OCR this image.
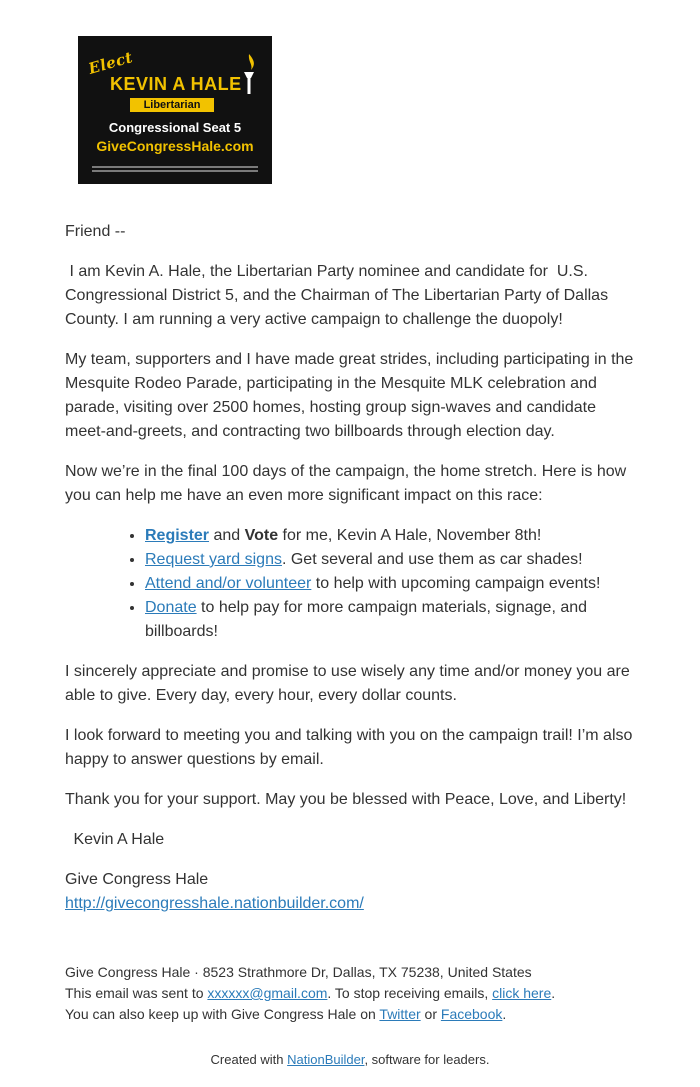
Elect
KEVIN A HALE
Libertarian
Congressional Seat 5
GiveCongressHale.com
Friend --

I am Kevin A. Hale, the Libertarian Party nominee and candidate for  U.S. Congressional District 5, and the Chairman of The Libertarian Party of Dallas County. I am running a very active campaign to challenge the duopoly!

My team, supporters and I have made great strides, including participating in the Mesquite Rodeo Parade, participating in the Mesquite MLK celebration and parade, visiting over 2500 homes, hosting group sign-waves and candidate meet-and-greets, and contracting two billboards through election day.

Now we’re in the final 100 days of the campaign, the home stretch. Here is how you can help me have an even more significant impact on this race:

• Register and Vote for me, Kevin A Hale, November 8th!
• Request yard signs. Get several and use them as car shades!
• Attend and/or volunteer to help with upcoming campaign events!
• Donate to help pay for more campaign materials, signage, and billboards!

I sincerely appreciate and promise to use wisely any time and/or money you are able to give. Every day, every hour, every dollar counts.

I look forward to meeting you and talking with you on the campaign trail! I’m also happy to answer questions by email.

Thank you for your support. May you be blessed with Peace, Love, and Liberty!

Kevin A Hale

Give Congress Hale

http://givecongresshale.nationbuilder.com/

Give Congress Hale · 8523 Strathmore Dr, Dallas, TX 75238, United States

This email was sent to xxxxxx@gmail.com. To stop receiving emails, click here.

You can also keep up with Give Congress Hale on Twitter or Facebook.

Created with NationBuilder, software for leaders.
